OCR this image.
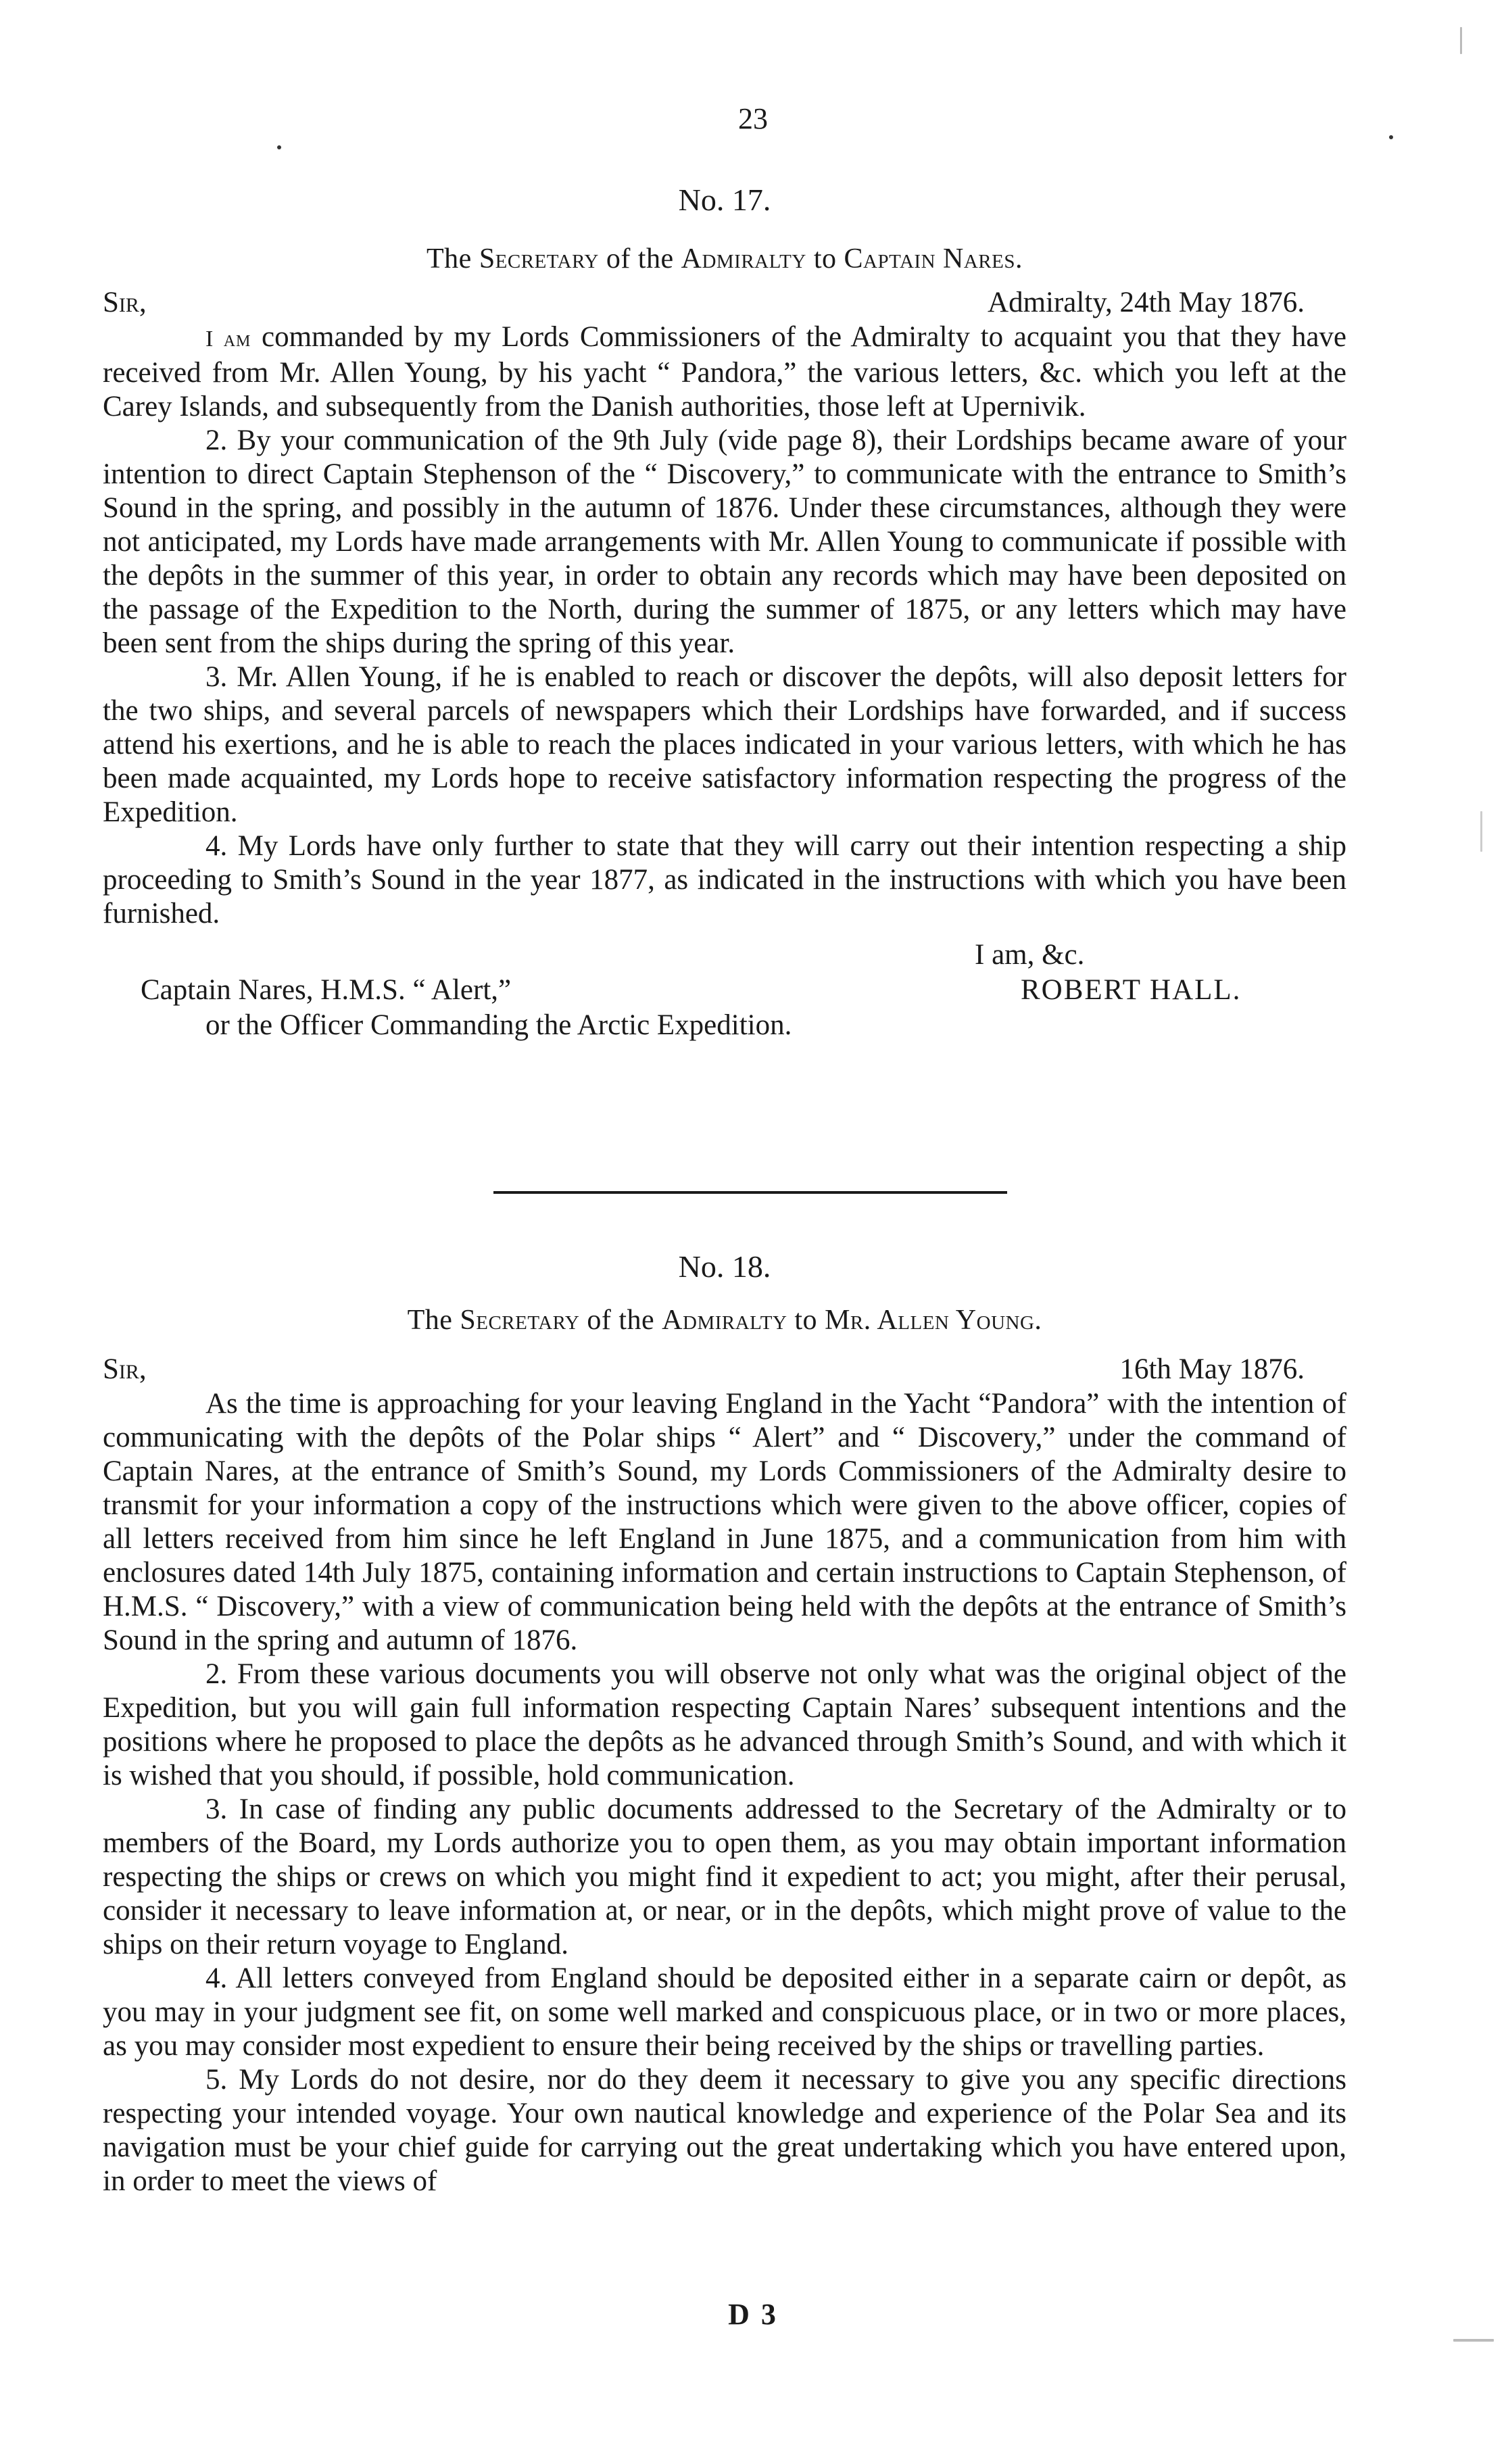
23
No. 17.
The Secretary of the Admiralty to Captain Nares.
Sir,	Admiralty, 24th May 1876.

I am commanded by my Lords Commissioners of the Admiralty to acquaint you that they have received from Mr. Allen Young, by his yacht “ Pandora,” the various letters, &c. which you left at the Carey Islands, and subsequently from the Danish authorities, those left at Upernivik.

2. By your communication of the 9th July (vide page 8), their Lordships became aware of your intention to direct Captain Stephenson of the “ Discovery,” to communicate with the entrance to Smith’s Sound in the spring, and possibly in the autumn of 1876. Under these circumstances, although they were not anticipated, my Lords have made arrangements with Mr. Allen Young to communicate if possible with the depôts in the summer of this year, in order to obtain any records which may have been deposited on the passage of the Expedition to the North, during the summer of 1875, or any letters which may have been sent from the ships during the spring of this year.

3. Mr. Allen Young, if he is enabled to reach or discover the depôts, will also deposit letters for the two ships, and several parcels of newspapers which their Lordships have forwarded, and if success attend his exertions, and he is able to reach the places indicated in your various letters, with which he has been made acquainted, my Lords hope to receive satisfactory information respecting the progress of the Expedition.

4. My Lords have only further to state that they will carry out their intention respecting a ship proceeding to Smith’s Sound in the year 1877, as indicated in the instructions with which you have been furnished.

I am, &c.
Captain Nares, H.M.S. “ Alert,”	ROBERT HALL.
or the Officer Commanding the Arctic Expedition.
No. 18.
The Secretary of the Admiralty to Mr. Allen Young.
Sir,	16th May 1876.

As the time is approaching for your leaving England in the Yacht “Pandora” with the intention of communicating with the depôts of the Polar ships “ Alert” and “ Discovery,” under the command of Captain Nares, at the entrance of Smith’s Sound, my Lords Commissioners of the Admiralty desire to transmit for your information a copy of the instructions which were given to the above officer, copies of all letters received from him since he left England in June 1875, and a communication from him with enclosures dated 14th July 1875, containing information and certain instructions to Captain Stephenson, of H.M.S. “ Discovery,” with a view of communication being held with the depôts at the entrance of Smith’s Sound in the spring and autumn of 1876.

2. From these various documents you will observe not only what was the original object of the Expedition, but you will gain full information respecting Captain Nares’ subsequent intentions and the positions where he proposed to place the depôts as he advanced through Smith’s Sound, and with which it is wished that you should, if possible, hold communication.

3. In case of finding any public documents addressed to the Secretary of the Admiralty or to members of the Board, my Lords authorize you to open them, as you may obtain important information respecting the ships or crews on which you might find it expedient to act; you might, after their perusal, consider it necessary to leave information at, or near, or in the depôts, which might prove of value to the ships on their return voyage to England.

4. All letters conveyed from England should be deposited either in a separate cairn or depôt, as you may in your judgment see fit, on some well marked and conspicuous place, or in two or more places, as you may consider most expedient to ensure their being received by the ships or travelling parties.

5. My Lords do not desire, nor do they deem it necessary to give you any specific directions respecting your intended voyage. Your own nautical knowledge and experience of the Polar Sea and its navigation must be your chief guide for carrying out the great undertaking which you have entered upon, in order to meet the views of

D 3
